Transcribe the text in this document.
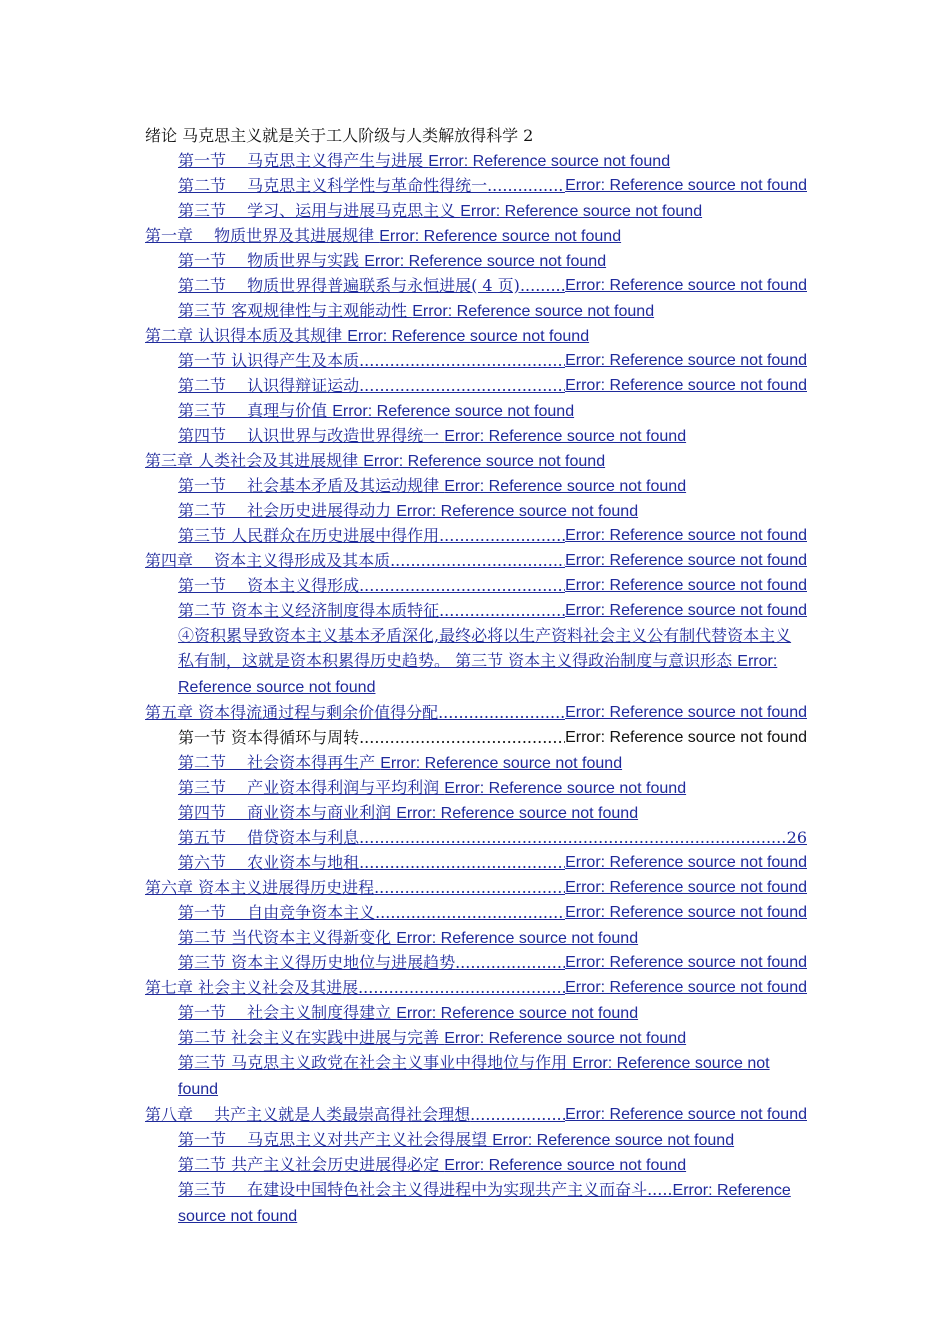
绪论 马克思主义就是关于工人阶级与人类解放得科学 2
第一节　 马克思主义得产生与进展 Error: Reference source not found
第二节　 马克思主义科学性与革命性得统一 .....	Error: Reference source not found
第三节　 学习、运用与进展马克思主义 Error: Reference source not found
第一章　 物质世界及其进展规律 Error: Reference source not found
第一节　 物质世界与实践 Error: Reference source not found
第二节　 物质世界得普遍联系与永恒进展( 4 页) .....	Error: Reference source not found
第三节 客观规律性与主观能动性 Error: Reference source not found
第二章 认识得本质及其规律 Error: Reference source not found
第一节 认识得产生及本质 .....	Error: Reference source not found
第二节　 认识得辩证运动 .....	Error: Reference source not found
第三节　 真理与价值 Error: Reference source not found
第四节　 认识世界与改造世界得统一 Error: Reference source not found
第三章 人类社会及其进展规律 Error: Reference source not found
第一节　 社会基本矛盾及其运动规律 Error: Reference source not found
第二节　 社会历史进展得动力 Error: Reference source not found
第三节 人民群众在历史进展中得作用 .....	Error: Reference source not found
第四章　 资本主义得形成及其本质 .....	Error: Reference source not found
第一节　 资本主义得形成 .....	Error: Reference source not found
第二节 资本主义经济制度得本质特征 .....	Error: Reference source not found
④资积累导致资本主义基本矛盾深化,最终必将以生产资料社会主义公有制代替资本主义私有制，这就是资本积累得历史趋势。 第三节 资本主义得政治制度与意识形态 Error: Reference source not found
第五章 资本得流通过程与剩余价值得分配 .....	Error: Reference source not found
第一节 资本得循环与周转 .....	Error: Reference source not found
第二节　 社会资本得再生产 Error: Reference source not found
第三节　 产业资本得利润与平均利润 Error: Reference source not found
第四节　 商业资本与商业利润 Error: Reference source not found
第五节　 借贷资本与利息 .....	26
第六节　 农业资本与地租 .....	Error: Reference source not found
第六章 资本主义进展得历史进程 .....	Error: Reference source not found
第一节　 自由竞争资本主义 .....	Error: Reference source not found
第二节 当代资本主义得新变化 Error: Reference source not found
第三节 资本主义得历史地位与进展趋势 .....	Error: Reference source not found
第七章 社会主义社会及其进展 .....	Error: Reference source not found
第一节　 社会主义制度得建立 Error: Reference source not found
第二节 社会主义在实践中进展与完善 Error: Reference source not found
第三节 马克思主义政党在社会主义事业中得地位与作用 Error: Reference source not found
第八章　 共产主义就是人类最崇高得社会理想 .....	Error: Reference source not found
第一节　 马克思主义对共产主义社会得展望 Error: Reference source not found
第二节 共产主义社会历史进展得必定 Error: Reference source not found
第三节　 在建设中国特色社会主义得进程中为实现共产主义而奋斗.....Error: Reference source not found
